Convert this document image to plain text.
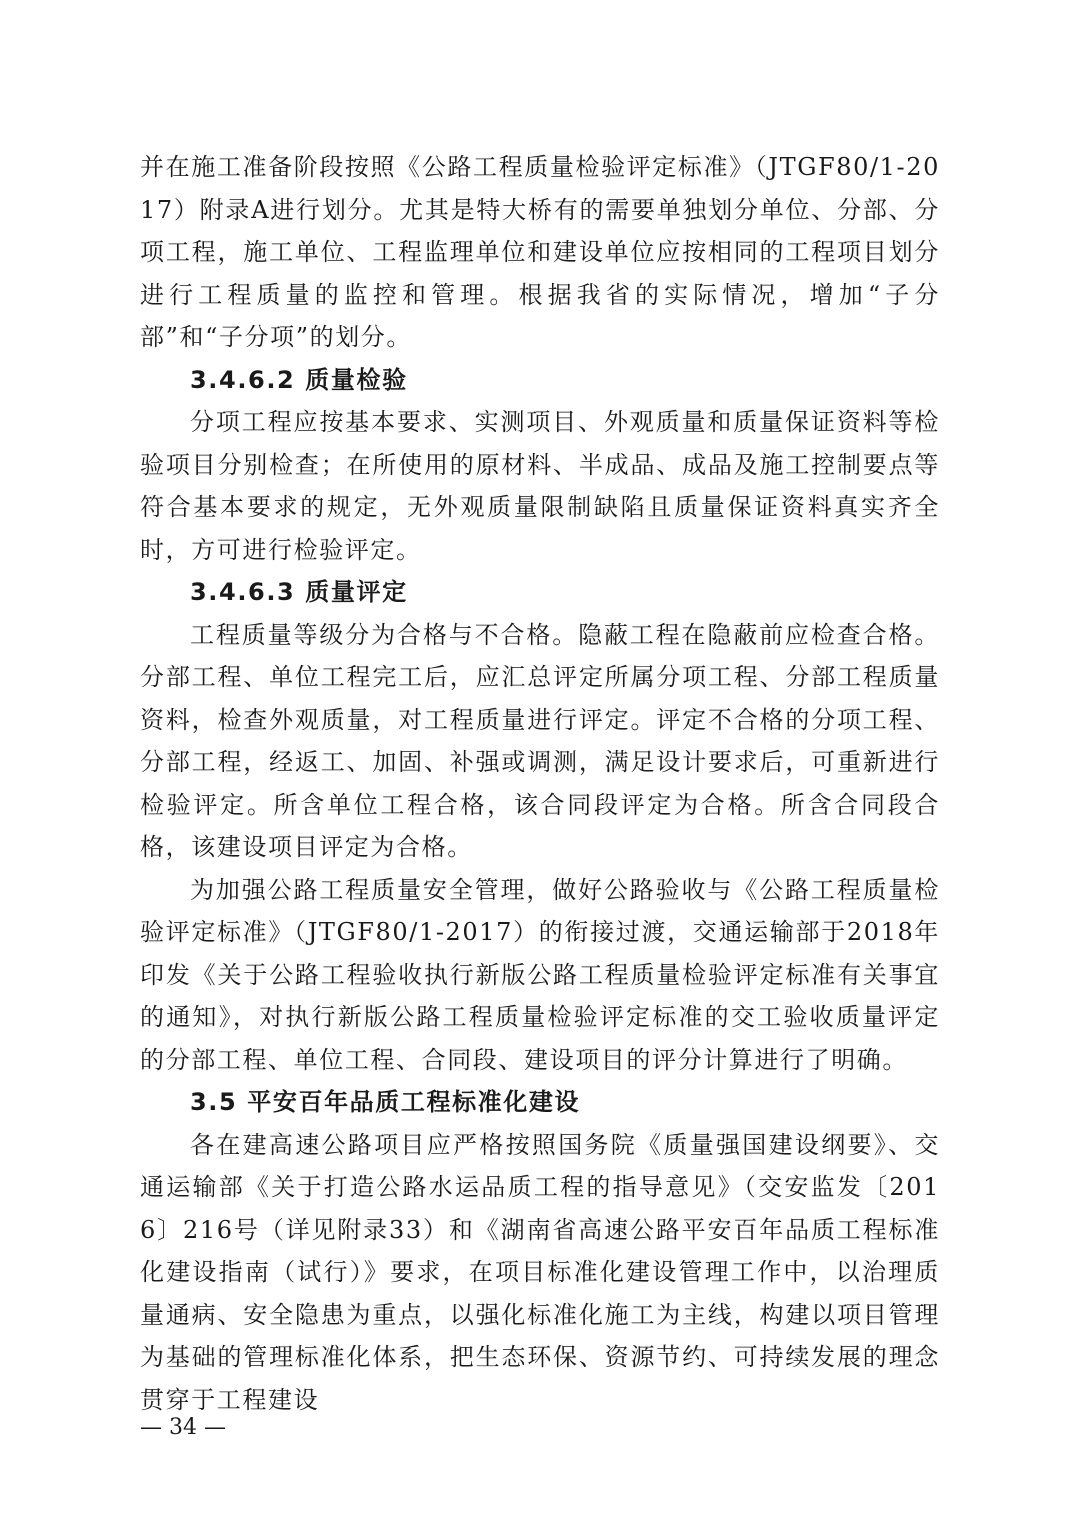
并在施工准备阶段按照《公路工程质量检验评定标准》（JTGF80/1-2017）附录A进行划分。尤其是特大桥有的需要单独划分单位、分部、分项工程，施工单位、工程监理单位和建设单位应按相同的工程项目划分进行工程质量的监控和管理。根据我省的实际情况，增加“子分部”和“子分项”的划分。

3.4.6.2 质量检验

分项工程应按基本要求、实测项目、外观质量和质量保证资料等检验项目分别检查；在所使用的原材料、半成品、成品及施工控制要点等符合基本要求的规定，无外观质量限制缺陷且质量保证资料真实齐全时，方可进行检验评定。

3.4.6.3 质量评定

工程质量等级分为合格与不合格。隐蔽工程在隐蔽前应检查合格。分部工程、单位工程完工后，应汇总评定所属分项工程、分部工程质量资料，检查外观质量，对工程质量进行评定。评定不合格的分项工程、分部工程，经返工、加固、补强或调测，满足设计要求后，可重新进行检验评定。所含单位工程合格，该合同段评定为合格。所含合同段合格，该建设项目评定为合格。

为加强公路工程质量安全管理，做好公路验收与《公路工程质量检验评定标准》（JTGF80/1-2017）的衔接过渡，交通运输部于2018年印发《关于公路工程验收执行新版公路工程质量检验评定标准有关事宜的通知》，对执行新版公路工程质量检验评定标准的交工验收质量评定的分部工程、单位工程、合同段、建设项目的评分计算进行了明确。

3.5 平安百年品质工程标准化建设

各在建高速公路项目应严格按照国务院《质量强国建设纲要》、交通运输部《关于打造公路水运品质工程的指导意见》（交安监发〔2016〕216号（详见附录33）和《湖南省高速公路平安百年品质工程标准化建设指南（试行）》要求，在项目标准化建设管理工作中，以治理质量通病、安全隐患为重点，以强化标准化施工为主线，构建以项目管理为基础的管理标准化体系，把生态环保、资源节约、可持续发展的理念贯穿于工程建设

— 34 —
